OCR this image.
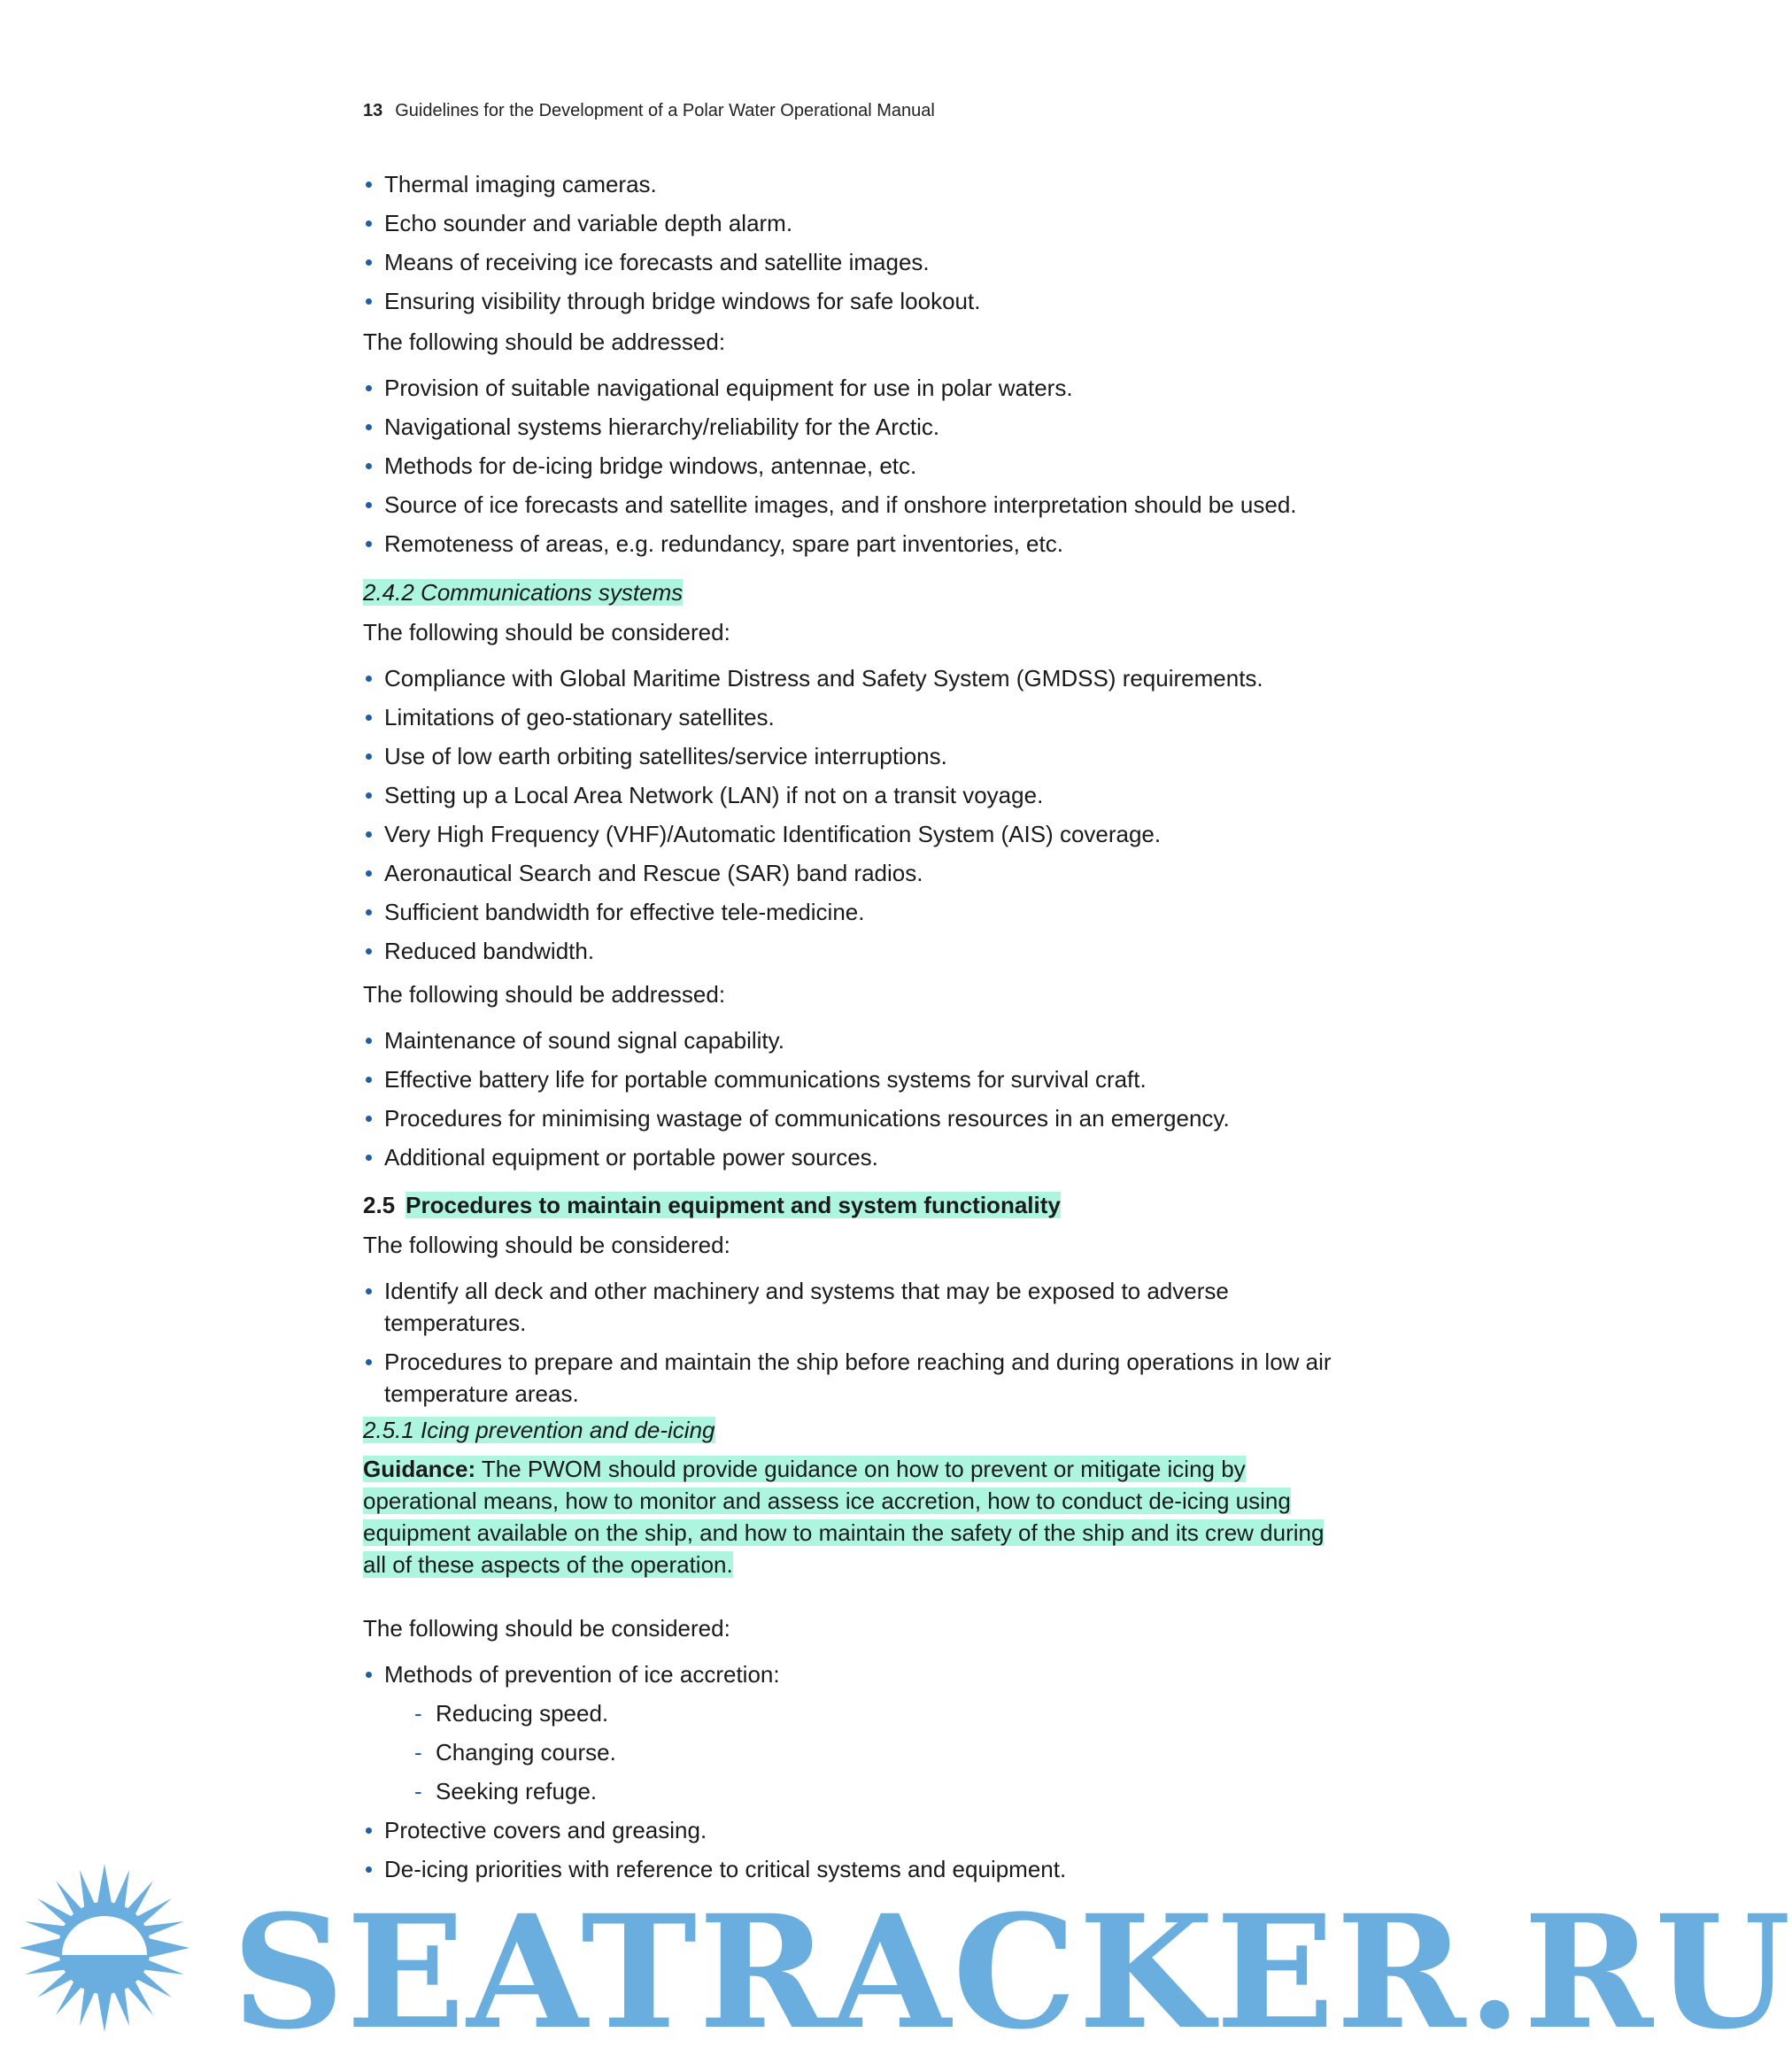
13 Guidelines for the Development of a Polar Water Operational Manual
Thermal imaging cameras.
Echo sounder and variable depth alarm.
Means of receiving ice forecasts and satellite images.
Ensuring visibility through bridge windows for safe lookout.
The following should be addressed:
Provision of suitable navigational equipment for use in polar waters.
Navigational systems hierarchy/reliability for the Arctic.
Methods for de-icing bridge windows, antennae, etc.
Source of ice forecasts and satellite images, and if onshore interpretation should be used.
Remoteness of areas, e.g. redundancy, spare part inventories, etc.
2.4.2 Communications systems
The following should be considered:
Compliance with Global Maritime Distress and Safety System (GMDSS) requirements.
Limitations of geo-stationary satellites.
Use of low earth orbiting satellites/service interruptions.
Setting up a Local Area Network (LAN) if not on a transit voyage.
Very High Frequency (VHF)/Automatic Identification System (AIS) coverage.
Aeronautical Search and Rescue (SAR) band radios.
Sufficient bandwidth for effective tele-medicine.
Reduced bandwidth.
The following should be addressed:
Maintenance of sound signal capability.
Effective battery life for portable communications systems for survival craft.
Procedures for minimising wastage of communications resources in an emergency.
Additional equipment or portable power sources.
2.5 Procedures to maintain equipment and system functionality
The following should be considered:
Identify all deck and other machinery and systems that may be exposed to adverse temperatures.
Procedures to prepare and maintain the ship before reaching and during operations in low air temperature areas.
2.5.1 Icing prevention and de-icing
Guidance: The PWOM should provide guidance on how to prevent or mitigate icing by operational means, how to monitor and assess ice accretion, how to conduct de-icing using equipment available on the ship, and how to maintain the safety of the ship and its crew during all of these aspects of the operation.
The following should be considered:
Methods of prevention of ice accretion:
- Reducing speed.
- Changing course.
- Seeking refuge.
Protective covers and greasing.
De-icing priorities with reference to critical systems and equipment.
SEATRACKER.RU
